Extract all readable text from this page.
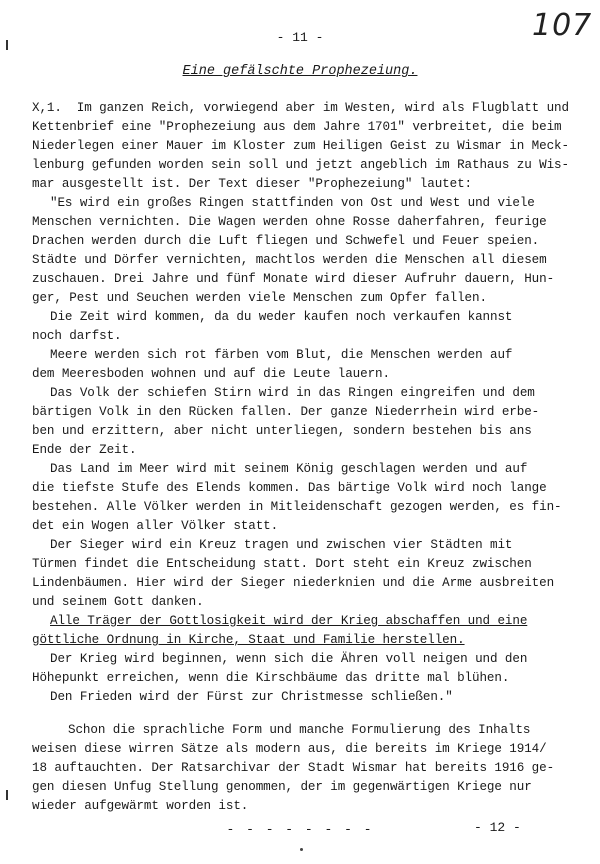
- 11 -	107
Eine gefälschte Prophezeiung.
X,1.  Im ganzen Reich, vorwiegend aber im Westen, wird als Flugblatt und
Kettenbrief eine "Prophezeiung aus dem Jahre 1701" verbreitet, die beim
Niederlegen einer Mauer im Kloster zum Heiligen Geist zu Wismar in Meck-
lenburg gefunden worden sein soll und jetzt angeblich im Rathaus zu Wis-
mar ausgestellt ist. Der Text dieser "Prophezeiung" lautet:
"Es wird ein großes Ringen stattfinden von Ost und West und viele
Menschen vernichten. Die Wagen werden ohne Rosse daherfahren, feurige
Drachen werden durch die Luft fliegen und Schwefel und Feuer speien.
Städte und Dörfer vernichten, machtlos werden die Menschen all diesem
zuschauen. Drei Jahre und fünf Monate wird dieser Aufruhr dauern, Hun-
ger, Pest und Seuchen werden viele Menschen zum Opfer fallen.
Die Zeit wird kommen, da du weder kaufen noch verkaufen kannst
noch darfst.
Meere werden sich rot färben vom Blut, die Menschen werden auf
dem Meeresboden wohnen und auf die Leute lauern.
Das Volk der schiefen Stirn wird in das Ringen eingreifen und dem
bärtigen Volk in den Rücken fallen. Der ganze Niederrhein wird erbe-
ben und erzittern, aber nicht unterliegen, sondern bestehen bis ans
Ende der Zeit.
Das Land im Meer wird mit seinem König geschlagen werden und auf
die tiefste Stufe des Elends kommen. Das bärtige Volk wird noch lange
bestehen. Alle Völker werden in Mitleidenschaft gezogen werden, es fin-
det ein Wogen aller Völker statt.
Der Sieger wird ein Kreuz tragen und zwischen vier Städten mit
Türmen findet die Entscheidung statt. Dort steht ein Kreuz zwischen
Lindenbäumen. Hier wird der Sieger niederknien und die Arme ausbreiten
und seinem Gott danken.
Alle Träger der Gottlosigkeit wird der Krieg abschaffen und eine
göttliche Ordnung in Kirche, Staat und Familie herstellen.
Der Krieg wird beginnen, wenn sich die Ähren voll neigen und den
Höhepunkt erreichen, wenn die Kirschbäume das dritte mal blühen.
Den Frieden wird der Fürst zur Christmesse schließen."
Schon die sprachliche Form und manche Formulierung des Inhalts
weisen diese wirren Sätze als modern aus, die bereits im Kriege 1914/
18 auftauchten. Der Ratsarchivar der Stadt Wismar hat bereits 1916 ge-
gen diesen Unfug Stellung genommen, der im gegenwärtigen Kriege nur
wieder aufgewärmt worden ist.
- - - - - - - -	- 12 -
